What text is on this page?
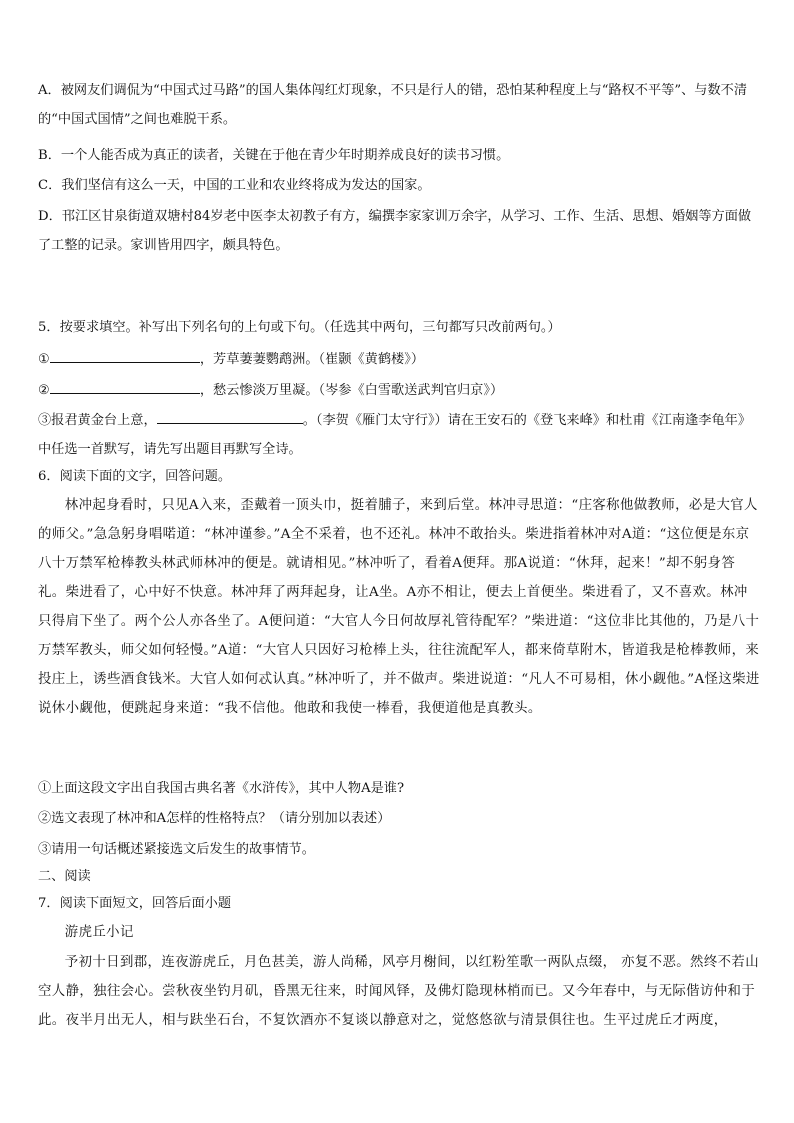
A．被网友们调侃为“中国式过马路”的国人集体闯红灯现象，不只是行人的错，恐怕某种程度上与“路权不平等”、与数不清的“中国式国情”之间也难脱干系。

B．一个人能否成为真正的读者，关键在于他在青少年时期养成良好的读书习惯。

C．我们坚信有这么一天，中国的工业和农业终将成为发达的国家。

D．邗江区甘泉街道双塘村84岁老中医李太初教子有方，编撰李家家训万余字，从学习、工作、生活、思想、婚姻等方面做了工整的记录。家训皆用四字，颇具特色。

5．按要求填空。补写出下列名句的上句或下句。（任选其中两句，三句都写只改前两句。）

①	，芳草萋萋鹦鹉洲。（崔颢《黄鹤楼》）

②	，愁云惨淡万里凝。（岑参《白雪歌送武判官归京》）

③报君黄金台上意，	。（李贺《雁门太守行》）请在王安石的《登飞来峰》和杜甫《江南逢李龟年》中任选一首默写，请先写出题目再默写全诗。

6．阅读下面的文字，回答问题。

林冲起身看时，只见A入来，歪戴着一顶头巾，挺着脯子，来到后堂。林冲寻思道：“庄客称他做教师，必是大官人的师父。”急急躬身唱喏道：“林冲谨参。”A全不采着，也不还礼。林冲不敢抬头。柴进指着林冲对A道：“这位便是东京八十万禁军枪棒教头林武师林冲的便是。就请相见。”林冲听了，看着A便拜。那A说道：“休拜，起来！”却不躬身答礼。柴进看了，心中好不快意。林冲拜了两拜起身，让A坐。A亦不相让，便去上首便坐。柴进看了，又不喜欢。林冲只得肩下坐了。两个公人亦各坐了。A便问道：“大官人今日何故厚礼管待配军？”柴进道：“这位非比其他的，乃是八十万禁军教头，师父如何轻慢。”A道：“大官人只因好习枪棒上头，往往流配军人，都来倚草附木，皆道我是枪棒教师，来投庄上，诱些酒食钱米。大官人如何忒认真。”林冲听了，并不做声。柴进说道：“凡人不可易相，休小觑他。”A怪这柴进说休小觑他，便跳起身来道：“我不信他。他敢和我使一棒看，我便道他是真教头。

①上面这段文字出自我国古典名著《水浒传》，其中人物A是谁?

②选文表现了林冲和A怎样的性格特点？（请分别加以表述）

③请用一句话概述紧接选文后发生的故事情节。

二、阅读

7．阅读下面短文，回答后面小题

游虎丘小记

予初十日到郡，连夜游虎丘，月色甚美，游人尚稀，风亭月榭间，以红粉笙歌一两队点缀， 亦复不恶。然终不若山空人静，独往会心。尝秋夜坐钓月矶，昏黑无往来，时闻风铎，及佛灯隐现林梢而已。又今年春中，与无际偕访仲和于此。夜半月出无人，相与趺坐石台，不复饮酒亦不复谈以静意对之，觉悠悠欲与清景俱往也。生平过虎丘才两度，
